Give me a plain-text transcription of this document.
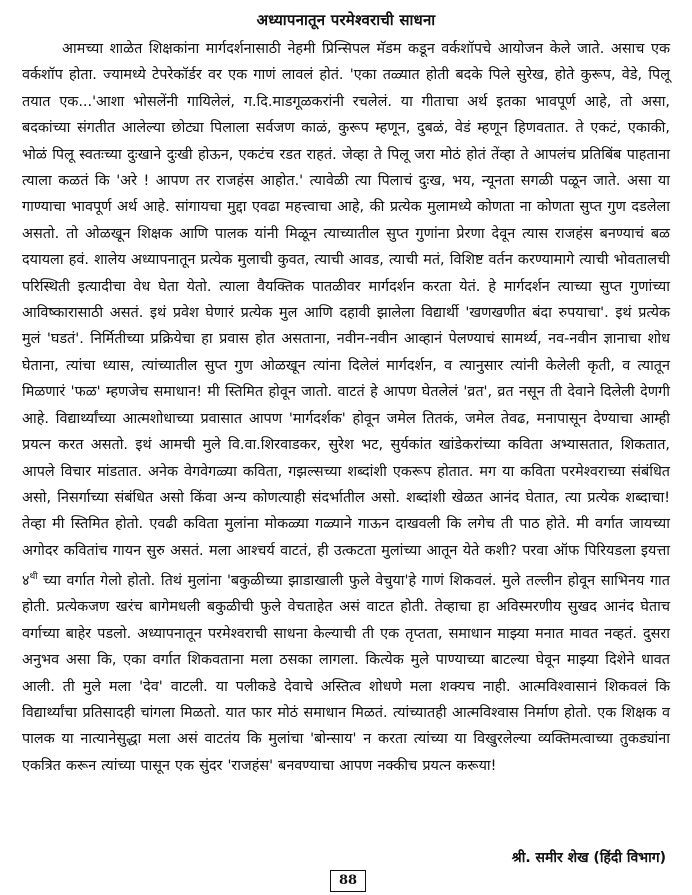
अध्यापनातून परमेश्वराची साधना

आमच्या शाळेत शिक्षकांना मार्गदर्शनासाठी नेहमी प्रिन्सिपल मॅडम कडून वर्कशॉपचे आयोजन केले जाते. असाच एक वर्कशॉप होता. ज्यामध्ये टेपरेकॉर्डर वर एक गाणं लावलं होतं. 'एका तळ्यात होती बदके पिले सुरेख, होते कुरूप, वेडे, पिलू तयात एक...'आशा भोसलेंनी गायिलेलं, ग.दि.माडगूळकरांनी रचलेलं. या गीताचा अर्थ इतका भावपूर्ण आहे, तो असा, बदकांच्या संगतीत आलेल्या छोट्या पिलाला सर्वजण काळं, कुरूप म्हणून, दुबळं, वेडं म्हणून हिणवतात. ते एकटं, एकाकी, भोळं पिलू स्वतःच्या दुःखाने दुःखी होऊन, एकटंच रडत राहतं. जेव्हा ते पिलू जरा मोठं होतं तेंव्हा ते आपलंच प्रतिबिंब पाहताना त्याला कळतं कि 'अरे ! आपण तर राजहंस आहोत.' त्यावेळी त्या पिलाचं दुःख, भय, न्यूनता सगळी पळून जाते. असा या गाण्याचा भावपूर्ण अर्थ आहे. सांगायचा मुद्दा एवढा महत्त्वाचा आहे, की प्रत्येक मुलामध्ये कोणता ना कोणता सुप्त गुण दडलेला असतो. तो ओळखून शिक्षक आणि पालक यांनी मिळून त्याच्यातील सुप्त गुणांना प्रेरणा देवून त्यास राजहंस बनण्याचं बळ दयायला हवं. शालेय अध्यापनातून प्रत्येक मुलाची कुवत, त्याची आवड, त्याची मतं, विशिष्ट वर्तन करण्यामागे त्याची भोवतालची परिस्थिती इत्यादीचा वेध घेता येतो. त्याला वैयक्तिक पातळीवर मार्गदर्शन करता येतं. हे मार्गदर्शन त्याच्या सुप्त गुणांच्या आविष्कारासाठी असतं. इथं प्रवेश घेणारं प्रत्येक मुल आणि दहावी झालेला विद्यार्थी 'खणखणीत बंदा रुपयाचा'. इथं प्रत्येक मुलं 'घडतं'. निर्मितीच्या प्रक्रियेचा हा प्रवास होत असताना, नवीन-नवीन आव्हानं पेलण्याचं सामर्थ्य, नव-नवीन ज्ञानाचा शोध घेताना, त्यांचा ध्यास, त्यांच्यातील सुप्त गुण ओळखून त्यांना दिलेलं मार्गदर्शन, व त्यानुसार त्यांनी केलेली कृती, व त्यातून मिळणारं 'फळ' म्हणजेच समाधान! मी स्तिमित होवून जातो. वाटतं हे आपण घेतलेलं 'व्रत', व्रत नसून ती देवाने दिलेली देणगी आहे. विद्यार्थ्यांच्या आत्मशोधाच्या प्रवासात आपण 'मार्गदर्शक' होवून जमेल तितकं, जमेल तेवढ, मनापासून देण्याचा आम्ही प्रयत्न करत असतो. इथं आमची मुले वि.वा.शिरवाडकर, सुरेश भट, सुर्यकांत खांडेकरांच्या कविता अभ्यासतात, शिकतात, आपले विचार मांडतात. अनेक वेगवेगळ्या कविता, गझल्सच्या शब्दांशी एकरूप होतात. मग या कविता परमेश्वराच्या संबंधित असो, निसर्गाच्या संबंधित असो किंवा अन्य कोणत्याही संदर्भातील असो. शब्दांशी खेळत आनंद घेतात, त्या प्रत्येक शब्दाचा! तेव्हा मी स्तिमित होतो. एवढी कविता मुलांना मोकळ्या गळ्याने गाऊन दाखवली कि लगेच ती पाठ होते. मी वर्गात जायच्या अगोदर कवितांच गायन सुरु असतं. मला आश्चर्य वाटतं, ही उत्कटता मुलांच्या आतून येते कशी? परवा ऑफ पिरियडला इयत्ता $४^{थी}$ च्या वर्गात गेलो होतो. तिथं मुलांना 'बकुळीच्या झाडाखाली फुले वेचुया'हे गाणं शिकवलं. मुले तल्लीन होवून साभिनय गात होती. प्रत्येकजण खरंच बागेमधली बकुळीची फुले वेचताहेत असं वाटत होती. तेव्हाचा हा अविस्मरणीय सुखद आनंद घेताच वर्गाच्या बाहेर पडलो. अध्यापनातून परमेश्वराची साधना केल्याची ती एक तृप्तता, समाधान माझ्या मनात मावत नव्हतं. दुसरा अनुभव असा कि, एका वर्गात शिकवताना मला ठसका लागला. कित्येक मुले पाण्याच्या बाटल्या घेवून माझ्या दिशेने धावत आली. ती मुले मला 'देव' वाटली. या पलीकडे देवाचे अस्तित्व शोधणे मला शक्यच नाही. आत्मविश्वासानं शिकवलं कि विद्यार्थ्यांचा प्रतिसादही चांगला मिळतो. यात फार मोठं समाधान मिळतं. त्यांच्यातही आत्मविश्वास निर्माण होतो. एक शिक्षक व पालक या नात्यानेसुद्धा मला असं वाटतंय कि मुलांचा 'बोन्साय' न करता त्यांच्या या विखुरलेल्या व्यक्तिमत्वाच्या तुकड्यांना एकत्रित करून त्यांच्या पासून एक सुंदर 'राजहंस' बनवण्याचा आपण नक्कीच प्रयत्न करूया!

श्री. समीर शेख (हिंदी विभाग)
88
